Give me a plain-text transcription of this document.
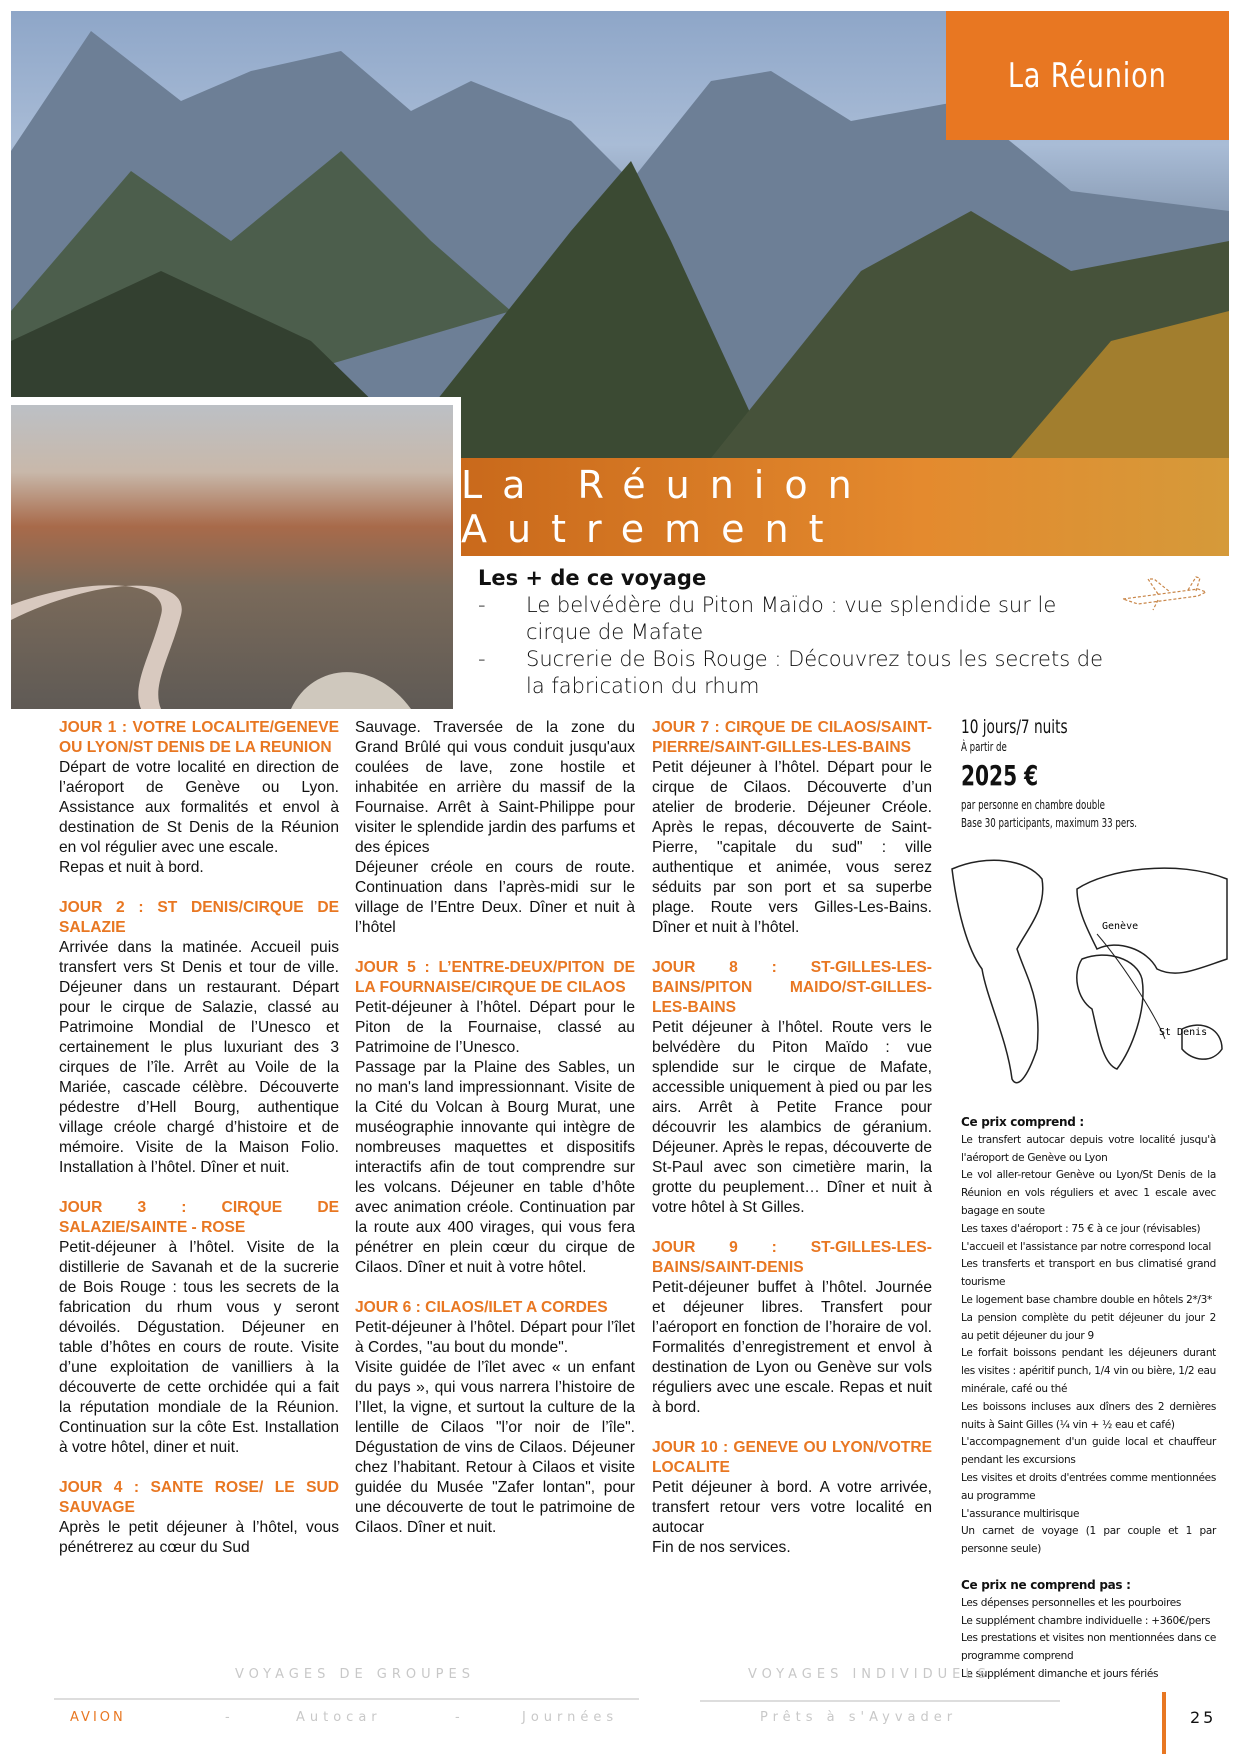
La Réunion
La Réunion Autrement
Les + de ce voyage
-	Le belvédère du Piton Maïdo : vue splendide sur le cirque de Mafate
-	Sucrerie de Bois Rouge : Découvrez tous les secrets de la fabrication du rhum
JOUR 1 : VOTRE LOCALITE/GENEVE OU LYON/ST DENIS DE LA REUNION

Départ de votre localité en direction de l’aéroport de Genève ou Lyon. Assistance aux formalités et envol à destination de St Denis de la Réunion en vol régulier avec une escale.
Repas et nuit à bord.

JOUR 2 : ST DENIS/CIRQUE DE SALAZIE

Arrivée dans la matinée. Accueil puis transfert vers St Denis et tour de ville. Déjeuner dans un restaurant. Départ pour le cirque de Salazie, classé au Patrimoine Mondial de l’Unesco et certainement le plus luxuriant des 3 cirques de l’île. Arrêt au Voile de la Mariée, cascade célèbre. Découverte pédestre d’Hell Bourg, authentique village créole chargé d’histoire et de mémoire. Visite de la Maison Folio. Installation à l’hôtel. Dîner et nuit.

JOUR 3 : CIRQUE DE SALAZIE/SAINTE - ROSE

Petit-déjeuner à l’hôtel. Visite de la distillerie de Savanah et de la sucrerie de Bois Rouge : tous les secrets de la fabrication du rhum vous y seront dévoilés. Dégustation. Déjeuner en table d’hôtes en cours de route. Visite d’une exploitation de vanilliers à la découverte de cette orchidée qui a fait la réputation mondiale de la Réunion. Continuation sur la côte Est. Installation à votre hôtel, diner et nuit.

JOUR 4 : SANTE ROSE/ LE SUD SAUVAGE

Après le petit déjeuner à l’hôtel, vous pénétrerez au cœur du Sud

Sauvage. Traversée de la zone du Grand Brûlé qui vous conduit jusqu'aux coulées de lave, zone hostile et inhabitée en arrière du massif de la Fournaise. Arrêt à Saint-Philippe pour visiter le splendide jardin des parfums et des épices
Déjeuner créole en cours de route. Continuation dans l’après-midi sur le village de l’Entre Deux. Dîner et nuit à l’hôtel

JOUR 5 : L’ENTRE-DEUX/PITON DE LA FOURNAISE/CIRQUE DE CILAOS

Petit-déjeuner à l’hôtel. Départ pour le Piton de la Fournaise, classé au Patrimoine de l’Unesco.
Passage par la Plaine des Sables, un no man's land impressionnant. Visite de la Cité du Volcan à Bourg Murat, une muséographie innovante qui intègre de nombreuses maquettes et dispositifs interactifs afin de tout comprendre sur les volcans. Déjeuner en table d’hôte avec animation créole. Continuation par la route aux 400 virages, qui vous fera pénétrer en plein cœur du cirque de Cilaos. Dîner et nuit à votre hôtel.

JOUR 6 : CILAOS/ILET A CORDES

Petit-déjeuner à l’hôtel. Départ pour l’îlet à Cordes, "au bout du monde".
Visite guidée de l’îlet avec « un enfant du pays », qui vous narrera l’histoire de l’Ilet, la vigne, et surtout la culture de la lentille de Cilaos "l’or noir de l’île". Dégustation de vins de Cilaos. Déjeuner chez l’habitant. Retour à Cilaos et visite guidée du Musée "Zafer lontan", pour une découverte de tout le patrimoine de Cilaos. Dîner et nuit.

JOUR 7 : CIRQUE DE CILAOS/SAINT-PIERRE/SAINT-GILLES-LES-BAINS

Petit déjeuner à l’hôtel. Départ pour le cirque de Cilaos. Découverte d’un atelier de broderie. Déjeuner Créole. Après le repas, découverte de Saint-Pierre, "capitale du sud" : ville authentique et animée, vous serez séduits par son port et sa superbe plage. Route vers Gilles-Les-Bains. Dîner et nuit à l’hôtel.

JOUR 8 : ST-GILLES-LES-BAINS/PITON MAIDO/ST-GILLES-LES-BAINS

Petit déjeuner à l’hôtel. Route vers le belvédère du Piton Maïdo : vue splendide sur le cirque de Mafate, accessible uniquement à pied ou par les airs. Arrêt à Petite France pour découvrir les alambics de géranium. Déjeuner. Après le repas, découverte de St-Paul avec son cimetière marin, la grotte du peuplement… Dîner et nuit à votre hôtel à St Gilles.

JOUR 9 : ST-GILLES-LES-BAINS/SAINT-DENIS

Petit-déjeuner buffet à l’hôtel. Journée et déjeuner libres. Transfert pour l’aéroport en fonction de l’horaire de vol. Formalités d’enregistrement et envol à destination de Lyon ou Genève sur vols réguliers avec une escale. Repas et nuit à bord.

JOUR 10 : GENEVE OU LYON/VOTRE LOCALITE

Petit déjeuner à bord. A votre arrivée, transfert retour vers votre localité en autocar
Fin de nos services.

10 jours/7 nuits
À partir de
2025 €
par personne en chambre double
Base 30 participants, maximum 33 pers.
Genève
St Denis
Ce prix comprend :
Le transfert autocar depuis votre localité jusqu'à l'aéroport de Genève ou Lyon
Le vol aller-retour Genève ou Lyon/St Denis de la Réunion en vols réguliers et avec 1 escale avec bagage en soute
Les taxes d'aéroport : 75 € à ce jour (révisables)
L'accueil et l'assistance par notre correspond local
Les transferts et transport en bus climatisé grand tourisme
Le logement base chambre double en hôtels 2*/3*
La pension complète du petit déjeuner du jour 2 au petit déjeuner du jour 9
Le forfait boissons pendant les déjeuners durant les visites : apéritif punch, 1/4 vin ou bière, 1/2 eau minérale, café ou thé
Les boissons incluses aux dîners des 2 dernières nuits à Saint Gilles (¼ vin + ½ eau et café)
L'accompagnement d'un guide local et chauffeur pendant les excursions
Les visites et droits d'entrées comme mentionnées au programme
L'assurance multirisque
Un carnet de voyage (1 par couple et 1 par personne seule)
Ce prix ne comprend pas :
Les dépenses personnelles et les pourboires
Le supplément chambre individuelle : +360€/pers
Les prestations et visites non mentionnées dans ce programme comprend
Le supplément dimanche et jours fériés
VOYAGES DE GROUPES	VOYAGES INDIVIDUELS
AVION	-	Autocar	-	Journées	Prêts à s'Ayvader	25
